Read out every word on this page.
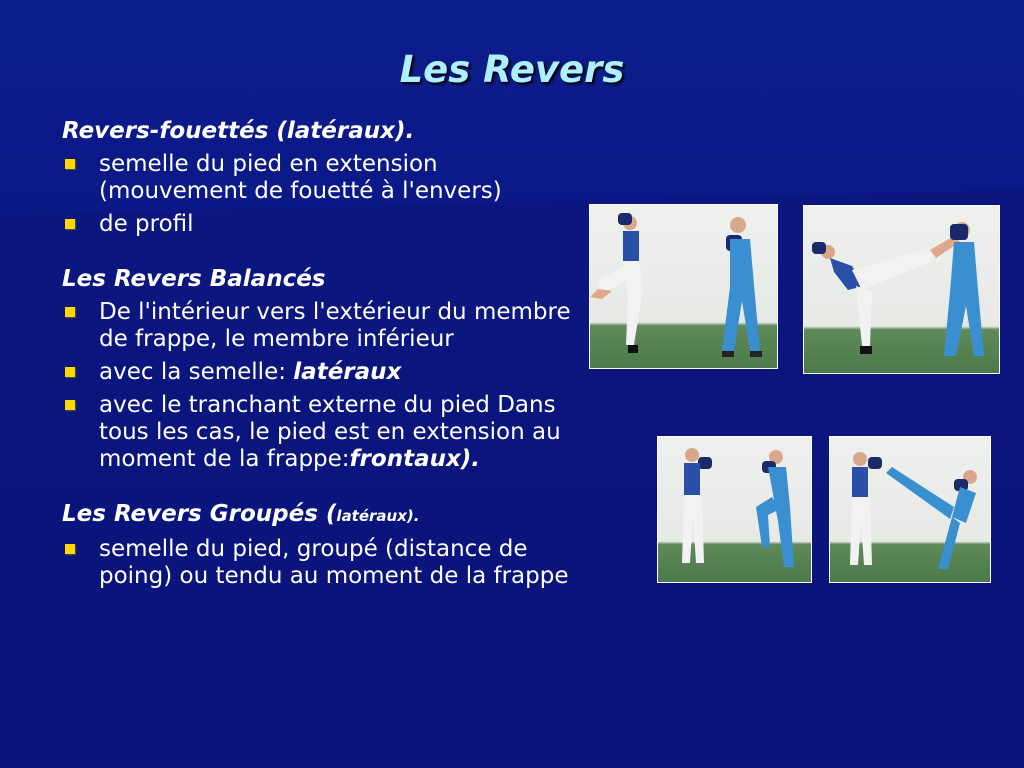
Les Revers

Revers-fouettés (latéraux).

semelle du pied en extension (mouvement de fouetté à l'envers)
de profil

Les Revers Balancés

De l'intérieur vers l'extérieur du membre de frappe, le membre inférieur
avec la semelle: latéraux
avec le tranchant externe du pied Dans tous les cas, le pied est en extension au moment de la frappe:frontaux).

Les Revers Groupés (latéraux).

semelle du pied, groupé (distance de poing) ou tendu au moment de la frappe
